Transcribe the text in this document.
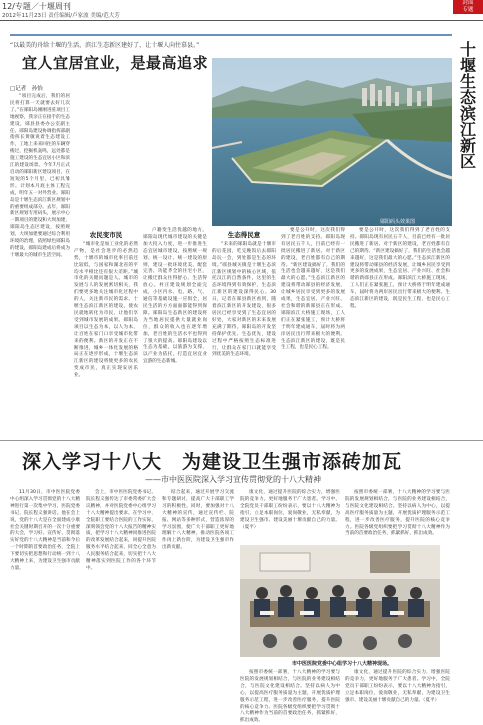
12/专题／十堰周刊
2012年11月23日 责任编辑/卢家波 美编/范大芳
封面
专题
十堰生态滨江新区
“以最美的舟给十堰的生活，滨江生态新区建好了，让十堰人向往慕县。”
宜人宜居宜业，是最高追求
□记者　孙怡
郧阳码头效果图

“项目完成后，我们的居民将打算一天就要去好几次了。”在郧阳岛刚刚进驻项目工地视察，我亲正在接手的生态建设，郧县县委办公室副主任、郧阳岛建设协调指挥部副指挥长黄敏说着生态建设工作，工地上来来回往的车辆穿梭过，挖掘机轰鸣，远处都是施工建设的生态宜居小区和滨江的建设场景。今年7月正式启动的郧阳新区建设项目，在短短的5个月里，已初具雏形。计划本月底主体工程完成，明年五一对外营业。郧阳岛是十堰生态滨江新区规划中的重要组成部分。去年，郧阳新区规划专用码头，展示中心一期项目的建设和大坝加建，郧阳岛生态区建设，按照规划，大坝加建要通过综合利用环境的治理，依照绿色郧阳岛的建设，郧阳岛建成后将成为十堰最大的城市生活空间。

农民变市民

“城市化是加工业化的必然产物，是社会进步的必然趋势，十堰市的城市化率目前还比较低，与国家和湖北省的平均水平相比还有很大差距。”城市化的关键问题是人。城市的发展与人的发展密切相关，我们要更多地关注城市化过程中的人，关注新市民的需求。十堰生态滨江新区的建设，使农民就地转化为市民，让他们享受到城市发展的成果。郧阳岛项目以生态为本，以人为本，让百姓在家门口享受城市化带来的便利。新区的开发正在不断推进，城乡一体化发展的格局正在逐步形成，十堰生态滨江新区的建设将使更多的农民变成市民，真正实现安居乐业。

户籍变生活优越的地方。郧阳岛现代城市建设的关键是加大投入力度，进一步推进生态宜居城市建设，按照统一规划、统一设计、统一建设的原则，建设一批环境优美、配套完善、功能齐全的住宅小区，让搬迁群众住得舒心、生活得放心。村庄建设规划全面完成，小区内水、电、路、气、通信等基础设施一应俱全，居民生活的方方面面都能得到保障。郧阳岛生态新区的建设将为当地居民提供大量就业岗位，群众的收入也在逐年增加，老百姓的生活水平也得到了很大的提高。郧阳岛建设以生态为基础，以旅游为支撑，以产业为依托，打造宜居宜业宜游的生态新城。

生态得民意

“未来的郧阳岛就是十堰市的后花园，吃完晚饭后去郧阳岛玩一会，到处都是生态的环境。”郧县城关镇是十堰生态滨江新区规划中的核心区域，依托汉江的自然条件，这里的生态环境得到有效保护，生态滨江新区的建设深得民心。30日，记者在郧县新区看到，随着滨江新区的开发建设，很多居民已经享受到了生态宜居的好处，大家对新区的未来发展充满了期待。郧阳岛的开发坚持保护优先、生态优先，建设过程中严格按照生态标准进行，让群众在家门口就能享受到优美的生态环境。

要是公开时，这次我们得到了老百姓的支持。郧阳岛现有居民五千人，目前已经有一批居民搬进了新居。对于新区的建设，老百姓都有自己的期待。“新区建设搞好了，我们的生活也会越来越好，这是我们最大的心愿。”生态滨江新区的建设将带动郧县的经济发展，让城乡居民享受到更多的发展成果，生态宜居、产业兴旺、社会和谐的新郧县正在形成。郧阳滨江大桥施工现场，工人们正在紧张施工，预计大桥将于明年建成通车，届时将为两岸居民出行带来极大的便利。生态滨江新区的建设，既是民生工程，也是民心工程。

要是公开时，这次我们得到了老百姓的支持。郧阳岛现有居民五千人，目前已经有一批居民搬进了新居。对于新区的建设，老百姓都有自己的期待。“新区建设搞好了，我们的生活也会越来越好，这是我们最大的心愿。”生态滨江新区的建设将带动郧县的经济发展，让城乡居民享受到更多的发展成果，生态宜居、产业兴旺、社会和谐的新郧县正在形成。郧阳滨江大桥施工现场，工人们正在紧张施工，预计大桥将于明年建成通车，届时将为两岸居民出行带来极大的便利。生态滨江新区的建设，既是民生工程，也是民心工程。

深入学习十八大　为建设卫生强市添砖加瓦
——市中医医院深入学习宣传贯彻党的十八大精神

11月30日，市中医医院党委中心组深入学习贯彻党的十八大精神进行第一次集中学习，医院党委书记、院长程义强讲话。他在会上说，党的十八大是在全面建成小康社会关键时期召开的一次十分重要的大会，学习好、宣传好、贯彻落实好党的十八大精神是当前和今后一个时期的首要政治任务，全院上下要切实把思想和行动统一到十八大精神上来，为建设卫生强市贡献力量。

会上，市中医医院党委书记、院长程义强传达了市委常委扩大会议精神，并对医院党委中心组学习十八大精神提出要求。在学习中，全院职工要结合医院的工作实际，深刻领会党的十八大报告的精神实质，把学习十八大精神同推进医院的改革发展结合起来，同提升医院服务水平结合起来，同全心全意为人民服务结合起来，切实把十八大精神落实到医院工作的各个环节中。

结合起来，通过开展学习交流和专题研讨，提高广大干部职工学习的积极性。同时，要加强对十八大精神的宣传，通过宣传栏、院报、网站等多种形式，营造浓厚的学习氛围，使广大干部职工更好地理解十八大精神，推动医院各项工作再上新台阶，为建设卫生强市作出新贡献。

按照市委统一部署，十八大精神的学习要与医院的发展规划相结合，与医院的业务建设相结合，与医院文化建设相结合。坚持以病人为中心，以提高医疗服务质量为主题，开展优质护理服务示范工程，进一步改善医疗服务，提升医院的核心竞争力。医院各级党组织要把学习贯彻十八大精神作为当前的首要政治任务，抓紧抓好，抓出成效。

按照市委统一部署，十八大精神的学习要与医院的发展规划相结合，与医院的业务建设相结合，与医院文化建设相结合。坚持以病人为中心，以提高医疗服务质量为主题，开展优质护理服务示范工程，进一步改善医疗服务，提升医院的核心竞争力。医院各级党组织要把学习贯彻十八大精神作为当前的首要政治任务，抓紧抓好，抓出成效。

康文化，通过提升医院的综合实力，增强医院的竞争力，更好地服务于广大患者。学习中，全院党员干部职工纷纷表示，要以十八大精神为指引，立足本职岗位，爱岗敬业，无私奉献，为建设卫生强市、建设美丽十堰贡献自己的力量。（夏平）

康文化，通过提升医院的综合实力，增强医院的竞争力，更好地服务于广大患者。学习中，全院党员干部职工纷纷表示，要以十八大精神为指引，立足本职岗位，爱岗敬业，无私奉献，为建设卫生强市、建设美丽十堰贡献自己的力量。（夏平）

市中医医院党委中心组学习十八大精神现场。
